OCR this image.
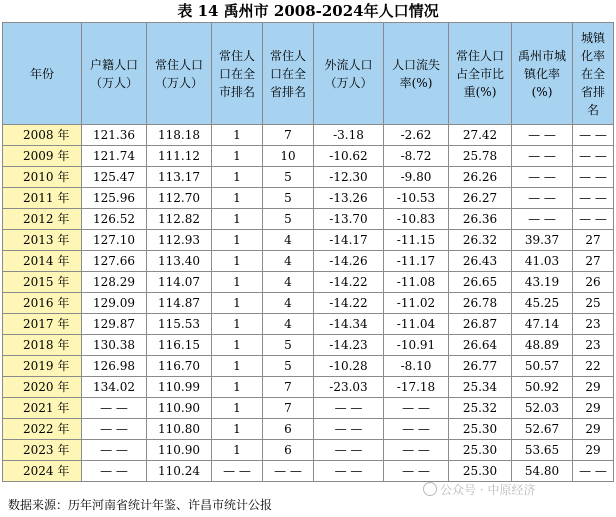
表 14 禹州市 2008-2024年人口情况
年份	户籍人口（万人）	常住人口（万人）	常住人口在全市排名	常住人口在全省排名	外流人口（万人）	人口流失率(%)	常住人口占全市比重(%)	禹州市城镇化率(%)	城镇化率在全省排名
2008 年	121.36	118.18	1	7	-3.18	-2.62	27.42	— —	— —
2009 年	121.74	111.12	1	10	-10.62	-8.72	25.78	— —	— —
2010 年	125.47	113.17	1	5	-12.30	-9.80	26.26	— —	— —
2011 年	125.96	112.70	1	5	-13.26	-10.53	26.27	— —	— —
2012 年	126.52	112.82	1	5	-13.70	-10.83	26.36	— —	— —
2013 年	127.10	112.93	1	4	-14.17	-11.15	26.32	39.37	27
2014 年	127.66	113.40	1	4	-14.26	-11.17	26.43	41.03	27
2015 年	128.29	114.07	1	4	-14.22	-11.08	26.65	43.19	26
2016 年	129.09	114.87	1	4	-14.22	-11.02	26.78	45.25	25
2017 年	129.87	115.53	1	4	-14.34	-11.04	26.87	47.14	23
2018 年	130.38	116.15	1	5	-14.23	-10.91	26.64	48.89	23
2019 年	126.98	116.70	1	5	-10.28	-8.10	26.77	50.57	22
2020 年	134.02	110.99	1	7	-23.03	-17.18	25.34	50.92	29
2021 年	— —	110.90	1	7	— —	— —	25.32	52.03	29
2022 年	— —	110.80	1	6	— —	— —	25.30	52.67	29
2023 年	— —	110.90	1	6	— —	— —	25.30	53.65	29
2024 年	— —	110.24	— —	— —	— —	— —	25.30	54.80	— —
数据来源：历年河南省统计年鉴、许昌市统计公报
公众号 · 中原经济
